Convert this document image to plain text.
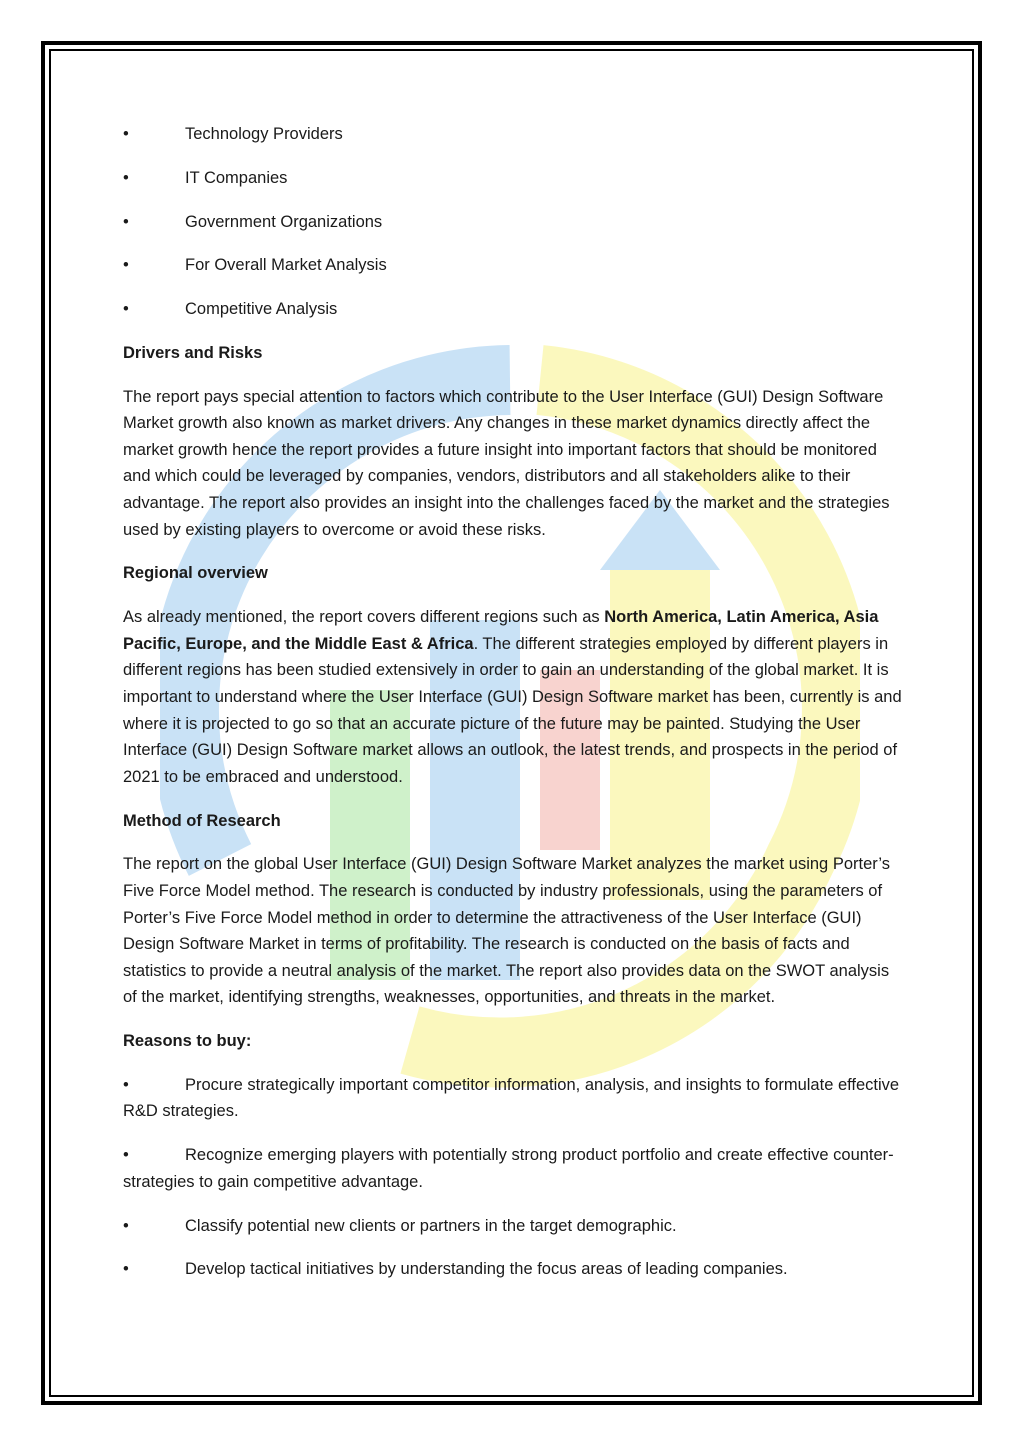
•	Technology Providers
•	IT Companies
•	Government Organizations
•	For Overall Market Analysis
•	Competitive Analysis
Drivers and Risks
The report pays special attention to factors which contribute to the User Interface (GUI) Design Software Market growth also known as market drivers. Any changes in these market dynamics directly affect the market growth hence the report provides a future insight into important factors that should be monitored and which could be leveraged by companies, vendors, distributors and all stakeholders alike to their advantage. The report also provides an insight into the challenges faced by the market and the strategies used by existing players to overcome or avoid these risks.
Regional overview
As already mentioned, the report covers different regions such as North America, Latin America, Asia Pacific, Europe, and the Middle East & Africa. The different strategies employed by different players in different regions has been studied extensively in order to gain an understanding of the global market. It is important to understand where the User Interface (GUI) Design Software market has been, currently is and where it is projected to go so that an accurate picture of the future may be painted. Studying the User Interface (GUI) Design Software market allows an outlook, the latest trends, and prospects in the period of 2021 to be embraced and understood.
Method of Research
The report on the global User Interface (GUI) Design Software Market analyzes the market using Porter’s Five Force Model method. The research is conducted by industry professionals, using the parameters of Porter’s Five Force Model method in order to determine the attractiveness of the User Interface (GUI) Design Software Market in terms of profitability. The research is conducted on the basis of facts and statistics to provide a neutral analysis of the market. The report also provides data on the SWOT analysis of the market, identifying strengths, weaknesses, opportunities, and threats in the market.
Reasons to buy:
•	Procure strategically important competitor information, analysis, and insights to formulate effective R&D strategies.
•	Recognize emerging players with potentially strong product portfolio and create effective counter-strategies to gain competitive advantage.
•	Classify potential new clients or partners in the target demographic.
•	Develop tactical initiatives by understanding the focus areas of leading companies.
